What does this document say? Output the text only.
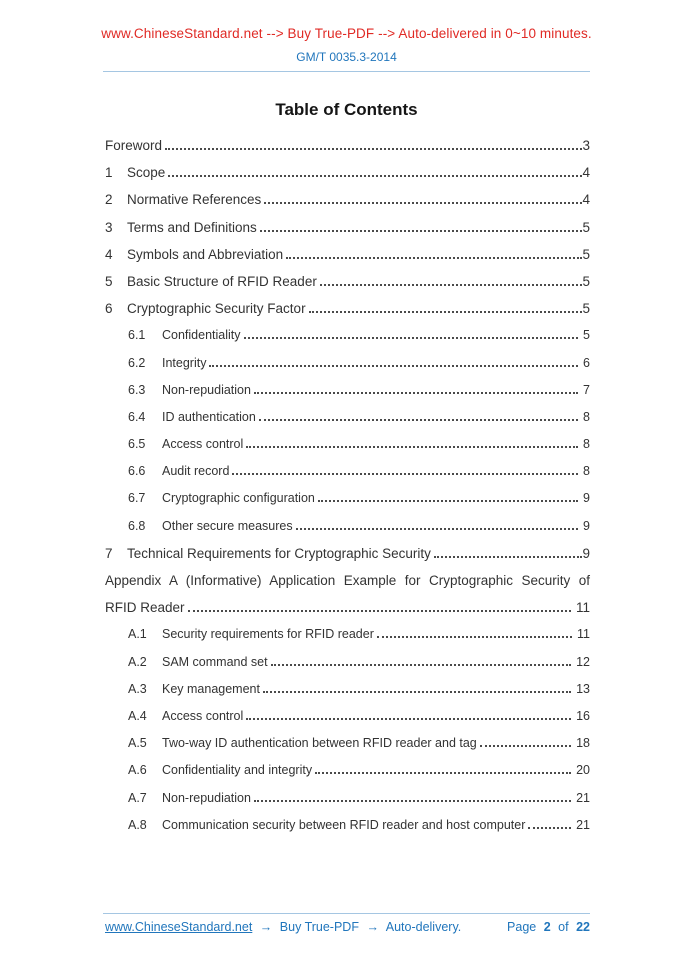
www.ChineseStandard.net --> Buy True-PDF --> Auto-delivered in 0~10 minutes.
GM/T 0035.3-2014
Table of Contents
Foreword	3
1	Scope	4
2	Normative References	4
3	Terms and Definitions	5
4	Symbols and Abbreviation	5
5	Basic Structure of RFID Reader	5
6	Cryptographic Security Factor	5
6.1	Confidentiality	5
6.2	Integrity	6
6.3	Non-repudiation	7
6.4	ID authentication	8
6.5	Access control	8
6.6	Audit record	8
6.7	Cryptographic configuration	9
6.8	Other secure measures	9
7	Technical Requirements for Cryptographic Security	9
Appendix A (Informative) Application Example for Cryptographic Security of
RFID Reader	11
A.1	Security requirements for RFID reader	11
A.2	SAM command set	12
A.3	Key management	13
A.4	Access control	16
A.5	Two-way ID authentication between RFID reader and tag	18
A.6	Confidentiality and integrity	20
A.7	Non-repudiation	21
A.8	Communication security between RFID reader and host computer	21
www.ChineseStandard.net → Buy True-PDF → Auto-delivery.	Page 2 of 22
